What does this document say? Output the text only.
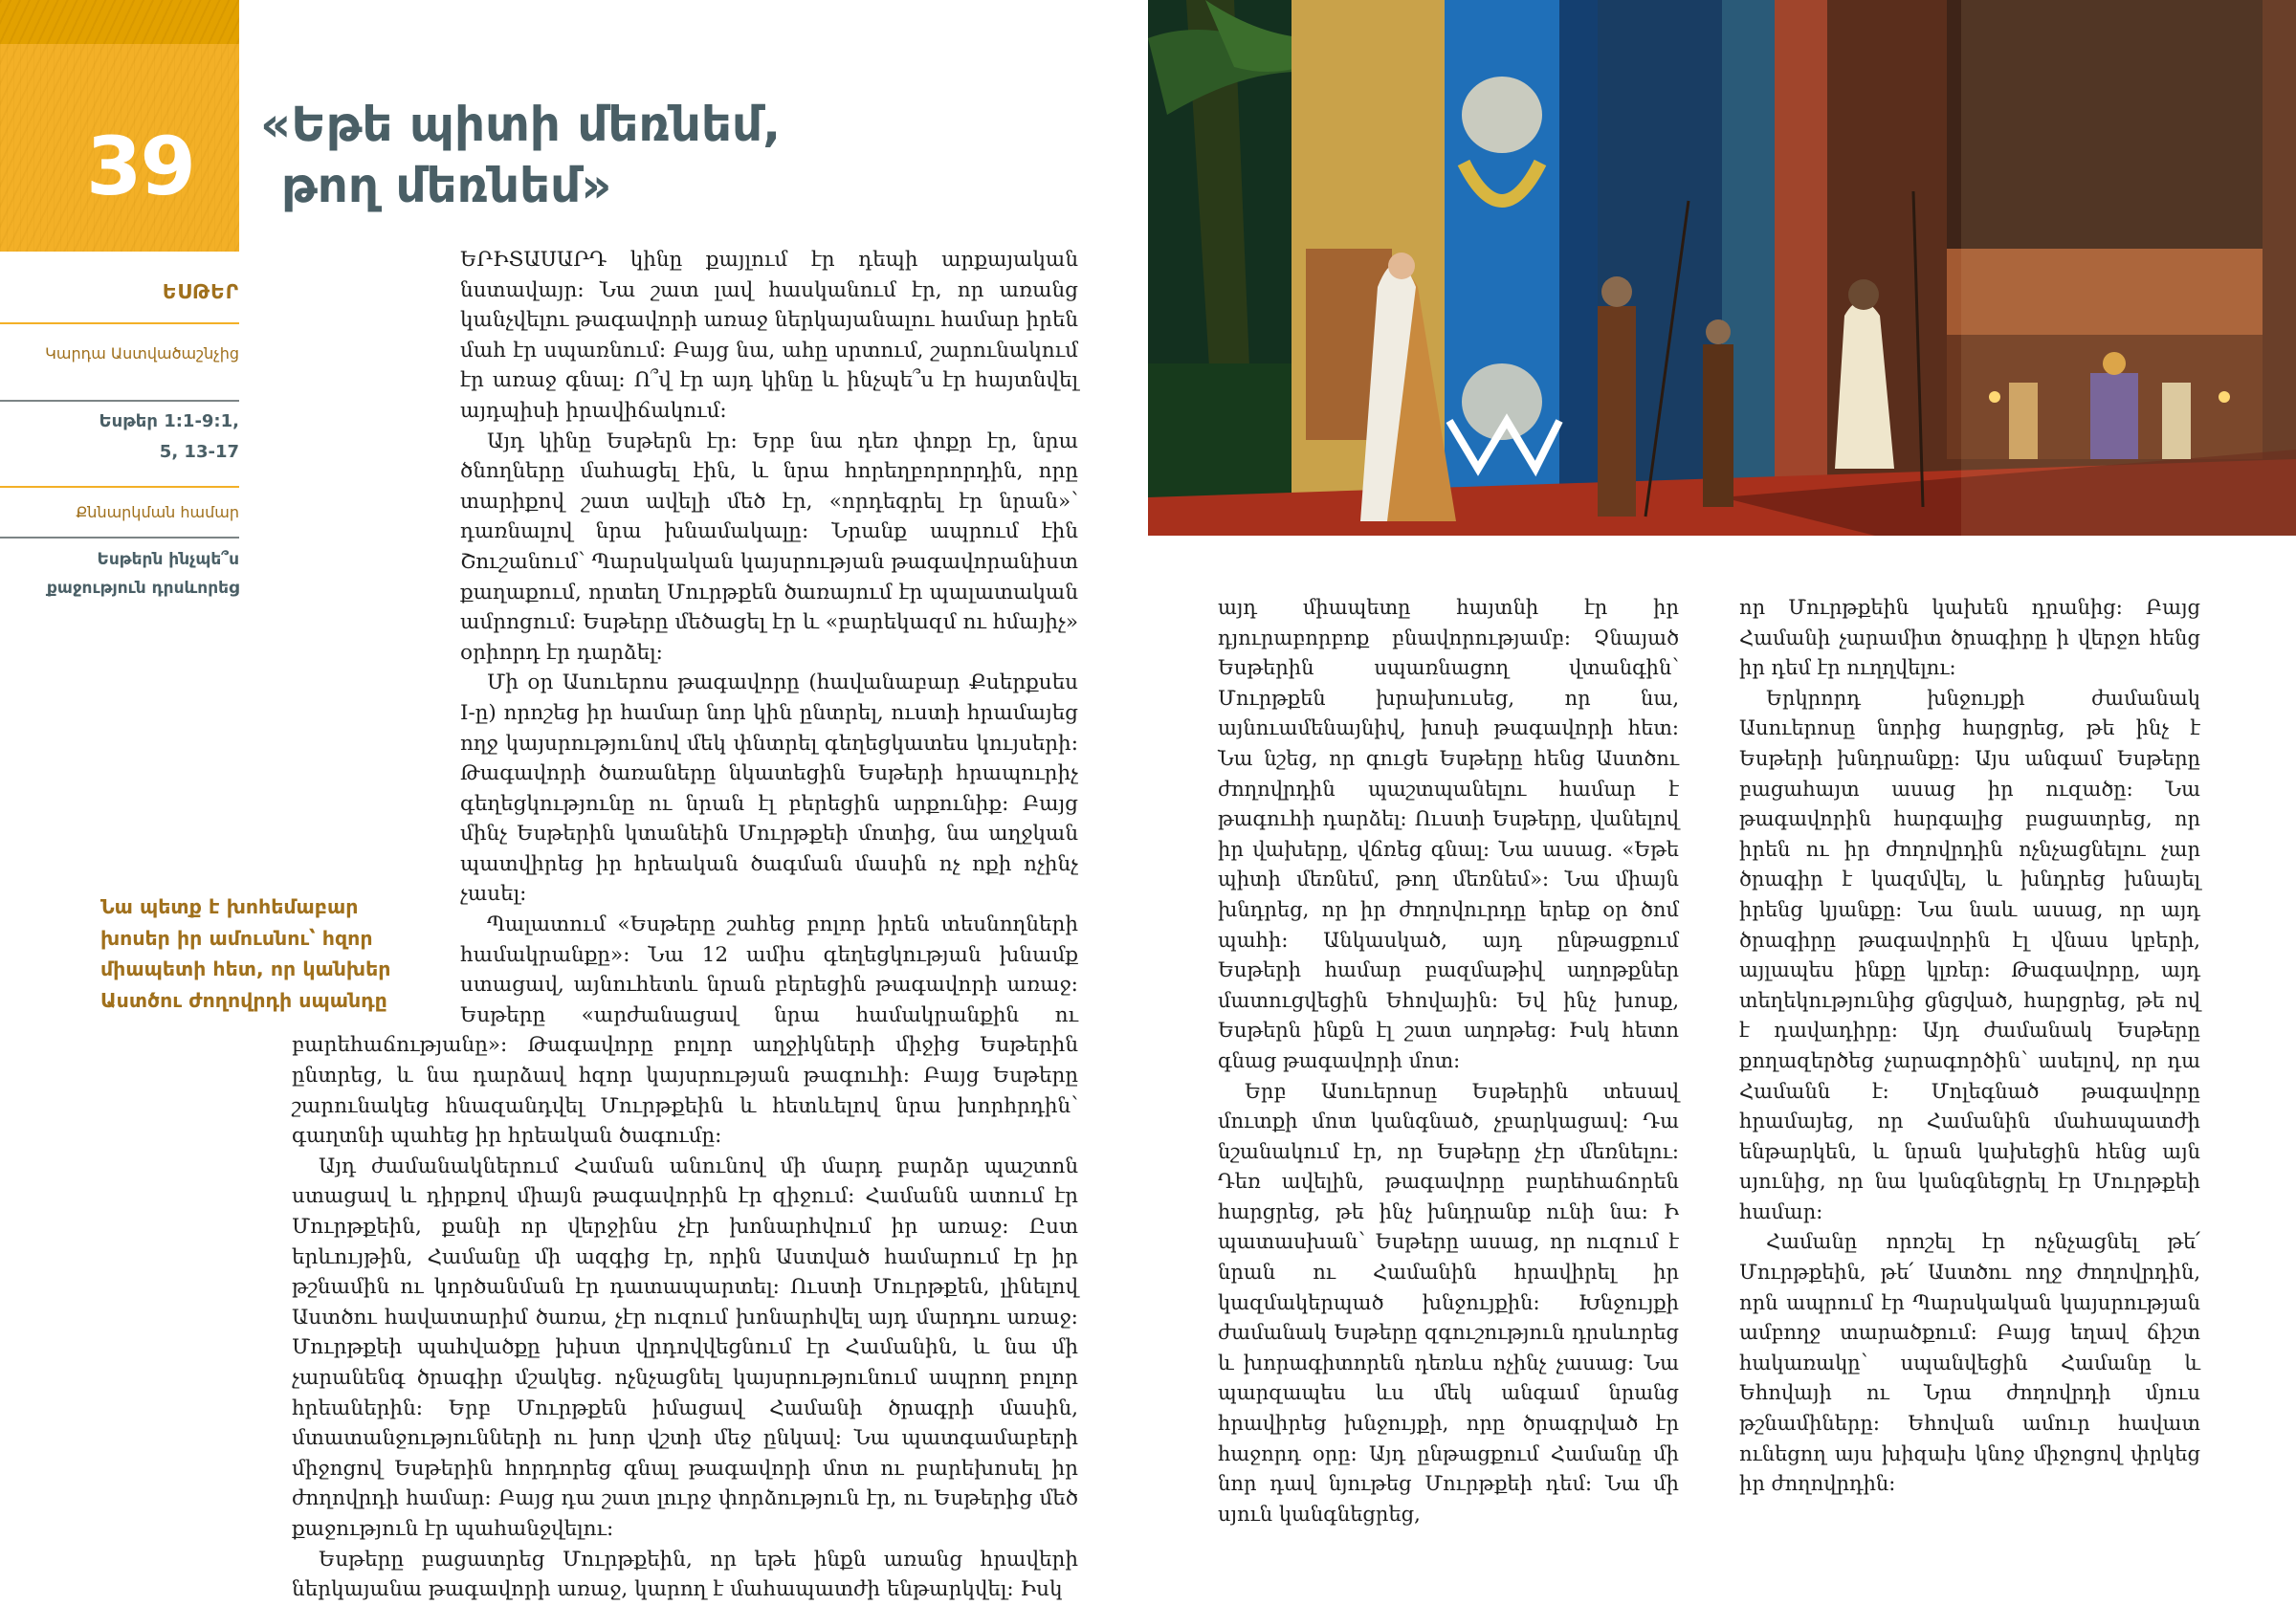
39 «Եթե պիտի մեռնեմ,
թող մեռնեմ»
ԵՍԹԵՐ
Կարդա Աստվածաշնչից
Եսթեր 1:1-9:1,
5, 13-17
Քննարկման համար
Եսթերն ինչպե՞ս քաջություն դրսևորեց
Նա պետք է խոհեմաբար խոսեր իր ամուսնու՝ հզոր միապետի հետ, որ կանխեր Աստծու ժողովրդի սպանդը

ԵՐԻՏԱՍԱՐԴ կինը քայլում էր դեպի արքայական նստավայր։ Նա շատ լավ հասկանում էր, որ առանց կանչվելու թագավորի առաջ ներկայանալու համար իրեն մահ էր սպառնում։ Բայց նա, ահը սրտում, շարունակում էր առաջ գնալ։ Ո՞վ էր այդ կինը և ինչպե՞ս էր հայտնվել այդպիսի իրավիճակում։

Այդ կինը Եսթերն էր։ Երբ նա դեռ փոքր էր, նրա ծնողները մահացել էին, և նրա հորեղբորորդին, որը տարիքով շատ ավելի մեծ էր, «որդեգրել էր նրան»՝ դառնալով նրա խնամակալը։ Նրանք ապրում էին Շուշանում՝ Պարսկական կայսրության թագավորանիստ քաղաքում, որտեղ Մուրթքեն ծառայում էր պալատական ամրոցում։ Եսթերը մեծացել էր և «բարեկազմ ու հմայիչ» օրիորդ էր դարձել։

Մի օր Ասուերոս թագավորը (հավանաբար Քսերքսես I-ը) որոշեց իր համար նոր կին ընտրել, ուստի հրամայեց ողջ կայսրությունով մեկ փնտրել գեղեցկատես կույսերի։ Թագավորի ծառաները նկատեցին Եսթերի հրապուրիչ գեղեցկությունը ու նրան էլ բերեցին արքունիք։ Բայց մինչ Եսթերին կտանեին Մուրթքեի մոտից, նա աղջկան պատվիրեց իր հրեական ծագման մասին ոչ ոքի ոչինչ չասել։

Պալատում «Եսթերը շահեց բոլոր իրեն տեսնողների համակրանքը»։ Նա 12 ամիս գեղեցկության խնամք ստացավ, այնուհետև նրան բերեցին թագավորի առաջ։ Եսթերը «արժանացավ նրա համակրանքին ու բարեհաճությանը»։ Թագավորը բոլոր աղջիկների միջից Եսթերին ընտրեց, և նա դարձավ հզոր կայսրության թագուհի։ Բայց Եսթերը շարունակեց հնազանդվել Մուրթքեին և հետևելով նրա խորհրդին՝ գաղտնի պահեց իր հրեական ծագումը։

Այդ ժամանակներում Համան անունով մի մարդ բարձր պաշտոն ստացավ և դիրքով միայն թագավորին էր զիջում։ Համանն ատում էր Մուրթքեին, քանի որ վերջինս չէր խոնարհվում իր առաջ։ Ըստ երևույթին, Համանը մի ազգից էր, որին Աստված համարում էր իր թշնամին ու կործանման էր դատապարտել։ Ուստի Մուրթքեն, լինելով Աստծու հավատարիմ ծառա, չէր ուզում խոնարհվել այդ մարդու առաջ։ Մուրթքեի պահվածքը խիստ վրդովվեցնում էր Համանին, և նա մի չարանենգ ծրագիր մշակեց. ոչնչացնել կայսրությունում ապրող բոլոր հրեաներին։ Երբ Մուրթքեն իմացավ Համանի ծրագրի մասին, մտատանջությունների ու խոր վշտի մեջ ընկավ։ Նա պատգամաբերի միջոցով Եսթերին հորդորեց գնալ թագավորի մոտ ու բարեխոսել իր ժողովրդի համար։ Բայց դա շատ լուրջ փորձություն էր, ու Եսթերից մեծ քաջություն էր պահանջվելու։

Եսթերը բացատրեց Մուրթքեին, որ եթե ինքն առանց հրավերի ներկայանա թագավորի առաջ, կարող է մահապատժի ենթարկվել։ Իսկ

այդ միապետը հայտնի էր իր դյուրաբորբոք բնավորությամբ։ Չնայած Եսթերին սպառնացող վտանգին՝ Մուրթքեն խրախուսեց, որ նա, այնուամենայնիվ, խոսի թագավորի հետ։ Նա նշեց, որ գուցե Եսթերը հենց Աստծու ժողովրդին պաշտպանելու համար է թագուհի դարձել։ Ուստի Եսթերը, վանելով իր վախերը, վճռեց գնալ։ Նա ասաց. «Եթե պիտի մեռնեմ, թող մեռնեմ»։ Նա միայն խնդրեց, որ իր ժողովուրդը երեք օր ծոմ պահի։ Անկասկած, այդ ընթացքում Եսթերի համար բազմաթիվ աղոթքներ մատուցվեցին Եհովային։ Եվ ինչ խոսք, Եսթերն ինքն էլ շատ աղոթեց։ Իսկ հետո գնաց թագավորի մոտ։

Երբ Ասուերոսը Եսթերին տեսավ մուտքի մոտ կանգնած, չբարկացավ։ Դա նշանակում էր, որ Եսթերը չէր մեռնելու։ Դեռ ավելին, թագավորը բարեհաճորեն հարցրեց, թե ինչ խնդրանք ունի նա։ Ի պատասխան՝ Եսթերը ասաց, որ ուզում է նրան ու Համանին հրավիրել իր կազմակերպած խնջույքին։ Խնջույքի ժամանակ Եսթերը զգուշություն դրսևորեց և խորագիտորեն դեռևս ոչինչ չասաց։ Նա պարզապես ևս մեկ անգամ նրանց հրավիրեց խնջույքի, որը ծրագրված էր հաջորդ օրը։ Այդ ընթացքում Համանը մի նոր դավ նյութեց Մուրթքեի դեմ։ Նա մի սյուն կանգնեցրեց,

որ Մուրթքեին կախեն դրանից։ Բայց Համանի չարամիտ ծրագիրը ի վերջո հենց իր դեմ էր ուղղվելու։

Երկրորդ խնջույքի ժամանակ Ասուերոսը նորից հարցրեց, թե ինչ է Եսթերի խնդրանքը։ Այս անգամ Եսթերը բացահայտ ասաց իր ուզածը։ Նա թագավորին հարգալից բացատրեց, որ իրեն ու իր ժողովրդին ոչնչացնելու չար ծրագիր է կազմվել, և խնդրեց խնայել իրենց կյանքը։ Նա նաև ասաց, որ այդ ծրագիրը թագավորին էլ վնաս կբերի, այլապես ինքը կլռեր։ Թագավորը, այդ տեղեկությունից ցնցված, հարցրեց, թե ով է դավադիրը։ Այդ ժամանակ Եսթերը քողազերծեց չարագործին՝ ասելով, որ դա Համանն է։ Մոլեգնած թագավորը հրամայեց, որ Համանին մահապատժի ենթարկեն, և նրան կախեցին հենց այն սյունից, որ նա կանգնեցրել էր Մուրթքեի համար։

Համանը որոշել էր ոչնչացնել թե՛ Մուրթքեին, թե՛ Աստծու ողջ ժողովրդին, որն ապրում էր Պարսկական կայսրության ամբողջ տարածքում։ Բայց եղավ ճիշտ հակառակը՝ սպանվեցին Համանը և Եհովայի ու Նրա ժողովրդի մյուս թշնամիները։ Եհովան ամուր հավատ ունեցող այս խիզախ կնոջ միջոցով փրկեց իր ժողովրդին։
